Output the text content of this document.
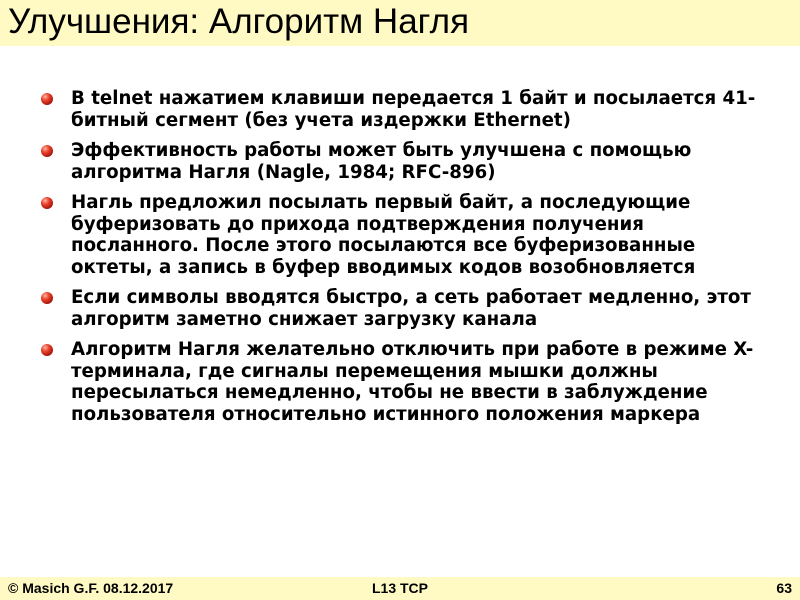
Улучшения: Алгоритм Нагля
В telnet нажатием клавиши передается 1 байт и посылается 41-битный сегмент (без учета издержки Ethernet)
Эффективность работы может быть улучшена с помощью алгоритма Нагля (Nagle, 1984; RFC-896)
Нагль предложил посылать первый байт, а последующие буферизовать до прихода подтверждения получения посланного. После этого посылаются все буферизованные октеты, а запись в буфер вводимых кодов возобновляется
Если символы вводятся быстро, а сеть работает медленно, этот алгоритм заметно снижает загрузку канала
Алгоритм Нагля желательно отключить при работе в режиме X-терминала, где сигналы перемещения мышки должны пересылаться немедленно, чтобы не ввести в заблуждение пользователя относительно истинного положения маркера
L13 TCP
© Masich G.F. 08.12.2017	63
